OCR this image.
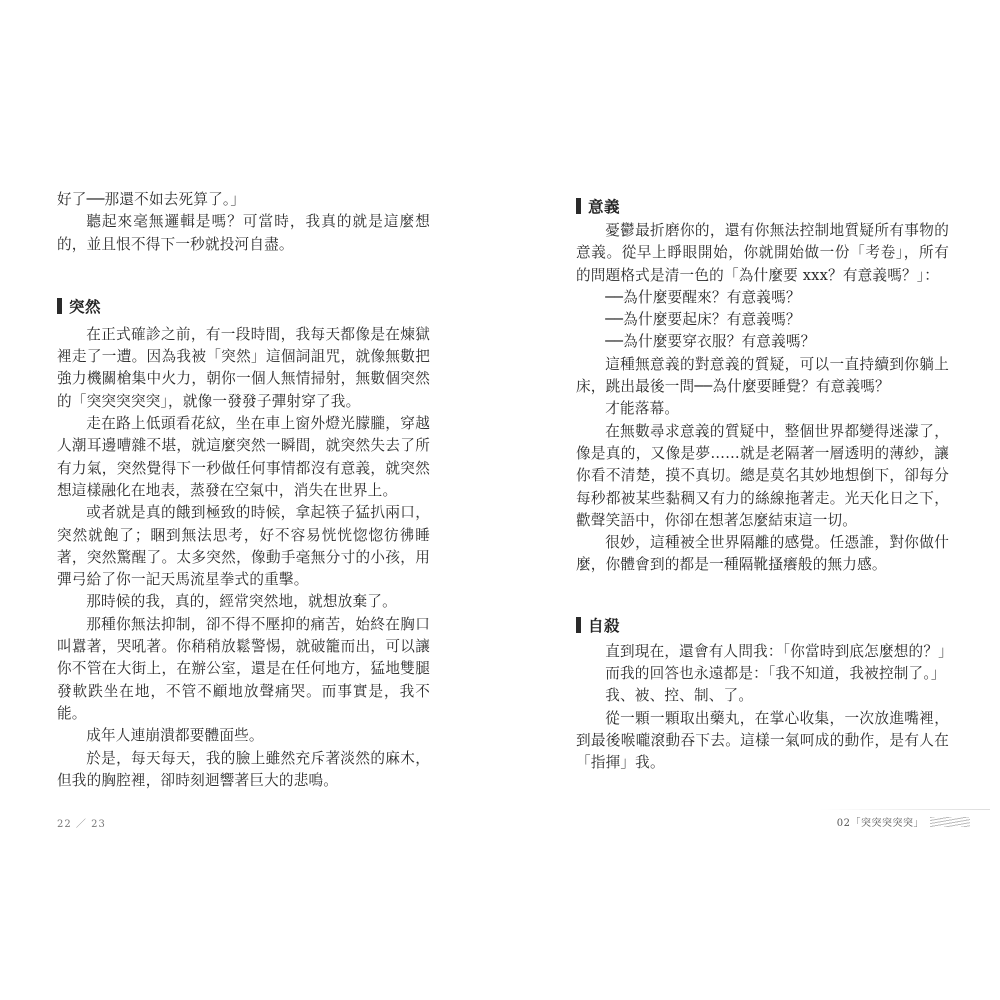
好了──那還不如去死算了。」

聽起來毫無邏輯是嗎？可當時，我真的就是這麼想的，並且恨不得下一秒就投河自盡。

突然

在正式確診之前，有一段時間，我每天都像是在煉獄裡走了一遭。因為我被「突然」這個詞詛咒，就像無數把強力機關槍集中火力，朝你一個人無情掃射，無數個突然的「突突突突突」，就像一發發子彈射穿了我。

走在路上低頭看花紋，坐在車上窗外燈光朦朧，穿越人潮耳邊嘈雜不堪，就這麼突然一瞬間，就突然失去了所有力氣，突然覺得下一秒做任何事情都沒有意義，就突然想這樣融化在地表，蒸發在空氣中，消失在世界上。

或者就是真的餓到極致的時候，拿起筷子猛扒兩口，突然就飽了；睏到無法思考，好不容易恍恍惚惚彷彿睡著，突然驚醒了。太多突然，像動手毫無分寸的小孩，用彈弓給了你一記天馬流星拳式的重擊。

那時候的我，真的，經常突然地，就想放棄了。

那種你無法抑制，卻不得不壓抑的痛苦，始終在胸口叫囂著，哭吼著。你稍稍放鬆警惕，就破籠而出，可以讓你不管在大街上，在辦公室，還是在任何地方，猛地雙腿發軟跌坐在地，不管不顧地放聲痛哭。而事實是，我不能。

成年人連崩潰都要體面些。

於是，每天每天，我的臉上雖然充斥著淡然的麻木，但我的胸腔裡，卻時刻迴響著巨大的悲鳴。

22 ／ 23
意義

憂鬱最折磨你的，還有你無法控制地質疑所有事物的意義。從早上睜眼開始，你就開始做一份「考卷」，所有的問題格式是清一色的「為什麼要 xxx？有意義嗎？」：

──為什麼要醒來？有意義嗎？

──為什麼要起床？有意義嗎？

──為什麼要穿衣服？有意義嗎？

這種無意義的對意義的質疑，可以一直持續到你躺上床，跳出最後一問──為什麼要睡覺？有意義嗎？

才能落幕。

在無數尋求意義的質疑中，整個世界都變得迷濛了，像是真的，又像是夢……就是老隔著一層透明的薄紗，讓你看不清楚，摸不真切。總是莫名其妙地想倒下，卻每分每秒都被某些黏稠又有力的絲線拖著走。光天化日之下，歡聲笑語中，你卻在想著怎麼結束這一切。

很妙，這種被全世界隔離的感覺。任憑誰，對你做什麼，你體會到的都是一種隔靴搔癢般的無力感。

自殺

直到現在，還會有人問我：「你當時到底怎麼想的？」

而我的回答也永遠都是：「我不知道，我被控制了。」

我、被、控、制、了。

從一顆一顆取出藥丸，在掌心收集，一次放進嘴裡，到最後喉嚨滾動吞下去。這樣一氣呵成的動作，是有人在「指揮」我。

02「突突突突突」
